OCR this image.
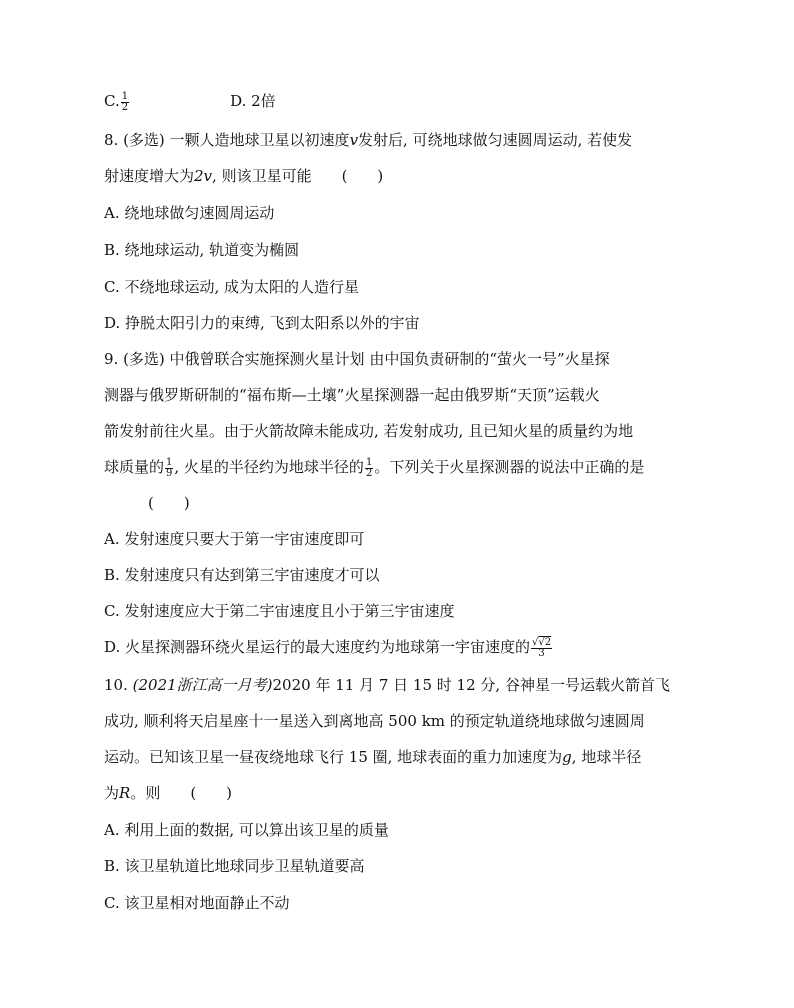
C. $\frac{1}{2}$	D. 2倍
8. (多选) 一颗人造地球卫星以初速度v发射后, 可绕地球做匀速圆周运动, 若使发
射速度增大为2v, 则该卫星可能　　(　　)
A. 绕地球做匀速圆周运动
B. 绕地球运动, 轨道变为椭圆
C. 不绕地球运动, 成为太阳的人造行星
D. 挣脱太阳引力的束缚, 飞到太阳系以外的宇宙
9. (多选) 中俄曾联合实施探测火星计划 由中国负责研制的“萤火一号”火星探
测器与俄罗斯研制的“福布斯—土壤”火星探测器一起由俄罗斯“天顶”运载火
箭发射前往火星。由于火箭故障未能成功, 若发射成功, 且已知火星的质量约为地
球质量的 $\frac{1}{9}$ , 火星的半径约为地球半径的 $\frac{1}{2}$ 。下列关于火星探测器的说法中正确的是
(　　)
A. 发射速度只要大于第一宇宙速度即可
B. 发射速度只有达到第三宇宙速度才可以
C. 发射速度应大于第二宇宙速度且小于第三宇宙速度
D. 火星探测器环绕火星运行的最大速度约为地球第一宇宙速度的 $\frac{√ √ 2}{3}$
10. (2021浙江高一月考)2020 年 11 月 7 日 15 时 12 分, 谷神星一号运载火箭首飞
成功, 顺利将天启星座十一星送入到离地高 500 km 的预定轨道绕地球做匀速圆周
运动。已知该卫星一昼夜绕地球飞行 15 圈, 地球表面的重力加速度为g, 地球半径
为R。则　　(　　)
A. 利用上面的数据, 可以算出该卫星的质量
B. 该卫星轨道比地球同步卫星轨道要高
C. 该卫星相对地面静止不动
